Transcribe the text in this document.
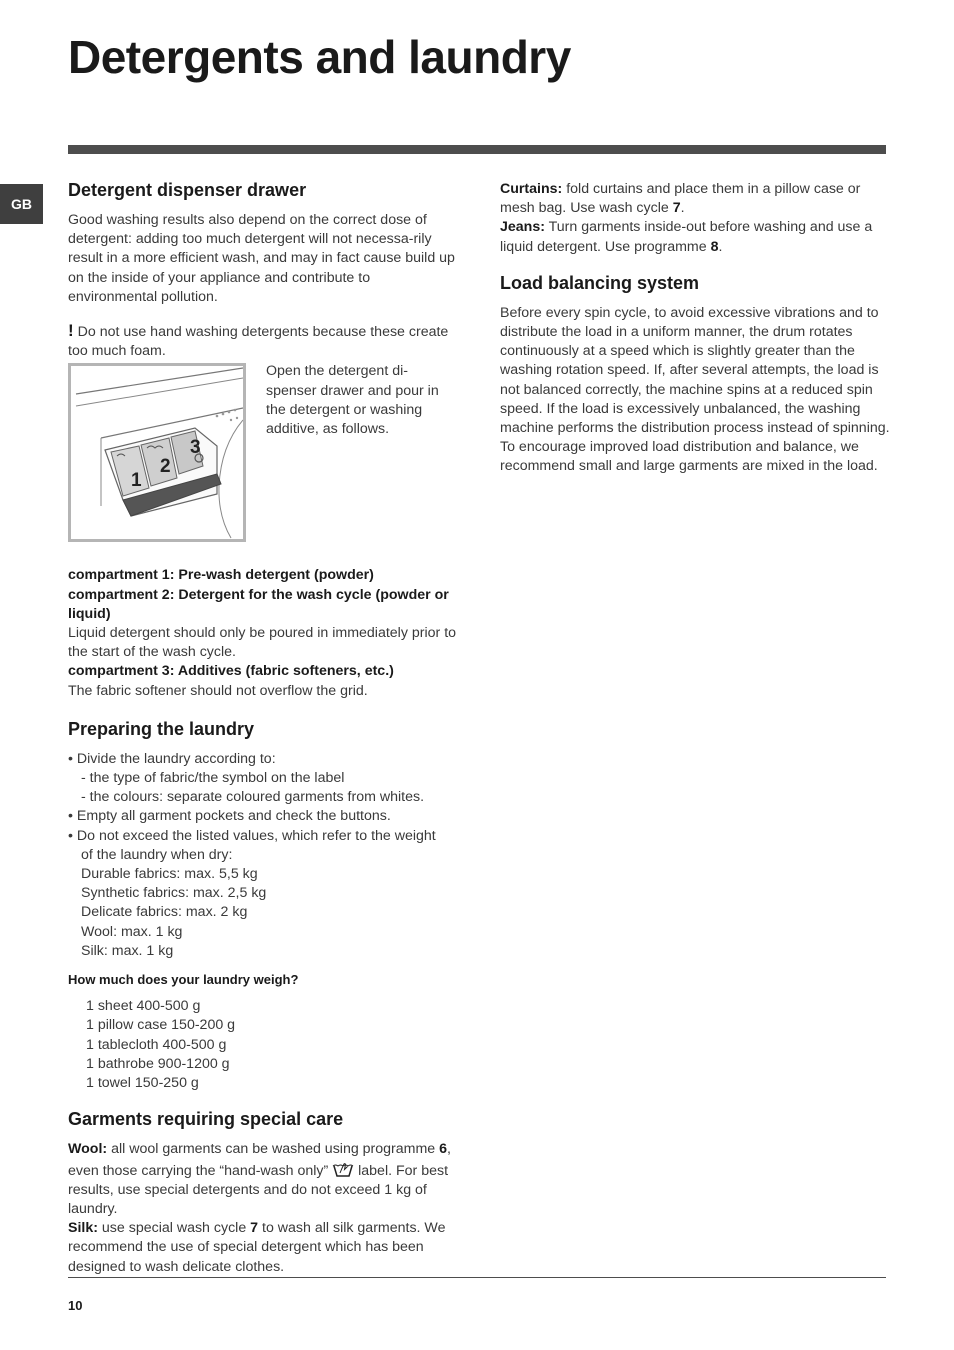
Detergents and laundry
GB
Detergent dispenser drawer

Good washing results also depend on the correct dose of detergent: adding too much detergent will not necessa-rily result in a more efficient wash, and may in fact cause build up on the inside of your appliance and contribute to environmental pollution.

! Do not use hand washing detergents because these create too much foam.

1
2
3

Open the detergent di-spenser drawer and pour in the detergent or washing additive, as follows.

compartment 1: Pre-wash detergent (powder)

compartment 2: Detergent for the wash cycle (powder or liquid)

Liquid detergent should only be poured in immediately prior to the start of the wash cycle.

compartment 3: Additives (fabric softeners, etc.)

The fabric softener should not overflow the grid.

Preparing the laundry

• Divide the laundry according to:

- the type of fabric/the symbol on the label

- the colours: separate coloured garments from whites.

• Empty all garment pockets and check the buttons.

• Do not exceed the listed values, which refer to the weight

of the laundry when dry:

Durable fabrics: max. 5,5 kg

Synthetic fabrics: max. 2,5 kg

Delicate fabrics: max. 2 kg

Wool: max. 1 kg

Silk: max. 1 kg

How much does your laundry weigh?

1 sheet 400-500 g

1 pillow case 150-200 g

1 tablecloth 400-500 g

1 bathrobe 900-1200 g

1 towel 150-250 g

Garments requiring special care

Wool: all wool garments can be washed using programme 6, even those carrying the “hand-wash only”  label. For best results, use special detergents and do not exceed 1 kg of laundry.

Silk: use special wash cycle 7 to wash all silk garments. We recommend the use of special detergent which has been designed to wash delicate clothes.

Curtains: fold curtains and place them in a pillow case or mesh bag. Use wash cycle 7.

Jeans: Turn garments inside-out before washing and use a liquid detergent. Use programme 8.

Load balancing system

Before every spin cycle, to avoid excessive vibrations and to distribute the load in a uniform manner, the drum rotates continuously at a speed which is slightly greater than the washing rotation speed. If, after several attempts, the load is not balanced correctly, the machine spins at a reduced spin speed. If the load is excessively unbalanced, the washing machine performs the distribution process instead of spinning. To encourage improved load distribution and balance, we recommend small and large garments are mixed in the load.

10
